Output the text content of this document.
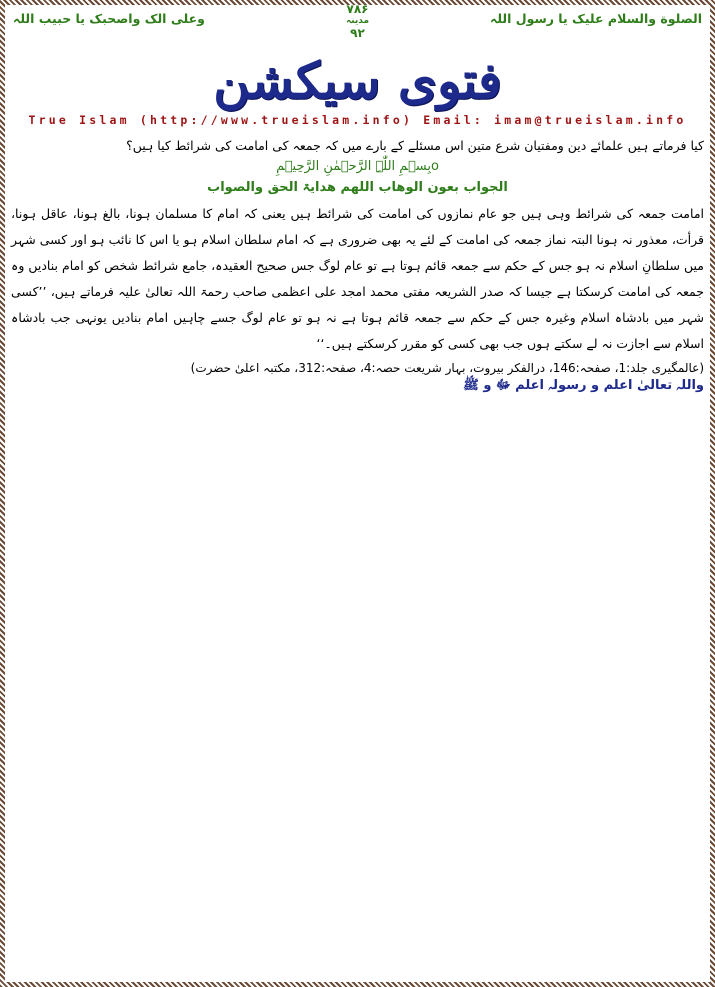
الصلوة والسلام علیک یا رسول اللہ
۷۸۶
مدینہ
۹۲
وعلی الک واصحبک یا حبیب اللہ
فتوی سیکشن
True Islam (http://www.trueislam.info) Email: imam@trueislam.info
کیا فرماتے ہیں علمائے دین ومفتیان شرع متین اس مسئلے کے بارے میں کہ جمعہ کی امامت کی شرائط کیا ہیں؟
بِسۡمِ اللّٰہِ الرَّحۡمٰنِ الرَّحِیۡمِo
الجواب بعون الوھاب اللھم ھدایۃ الحق والصواب
امامت جمعہ کی شرائط وہی ہیں جو عام نمازوں کی امامت کی شرائط ہیں یعنی کہ امام کا مسلمان ہونا، بالغ ہونا، عاقل ہونا، قرأت، معذور نہ ہونا البتہ نماز جمعہ کی امامت کے لئے یہ بھی ضروری ہے کہ امام سلطان اسلام ہو یا اس کا نائب ہو اور کسی شہر میں سلطانِ اسلام نہ ہو جس کے حکم سے جمعہ قائم ہوتا ہے تو عام لوگ جس صحیح العقیدہ، جامع شرائط شخص کو امام بنادیں وہ جمعہ کی امامت کرسکتا ہے جیسا کہ صدر الشریعہ مفتی محمد امجد علی اعظمی صاحب رحمۃ اللہ تعالیٰ علیہ فرماتے ہیں، ’’کسی شہر میں بادشاہ اسلام وغیرہ جس کے حکم سے جمعہ قائم ہوتا ہے نہ ہو تو عام لوگ جسے چاہیں امام بنادیں یونہی جب بادشاہ اسلام سے اجازت نہ لے سکتے ہوں جب بھی کسی کو مقرر کرسکتے ہیں۔‘‘
(عالمگیری جلد:1، صفحہ:146، درالفکر بیروت، بہار شریعت حصہ:4، صفحہ:312، مکتبہ اعلیٰ حضرت)
واللہ تعالیٰ اعلم و رسولہ اعلم ﷻ و ﷺ
